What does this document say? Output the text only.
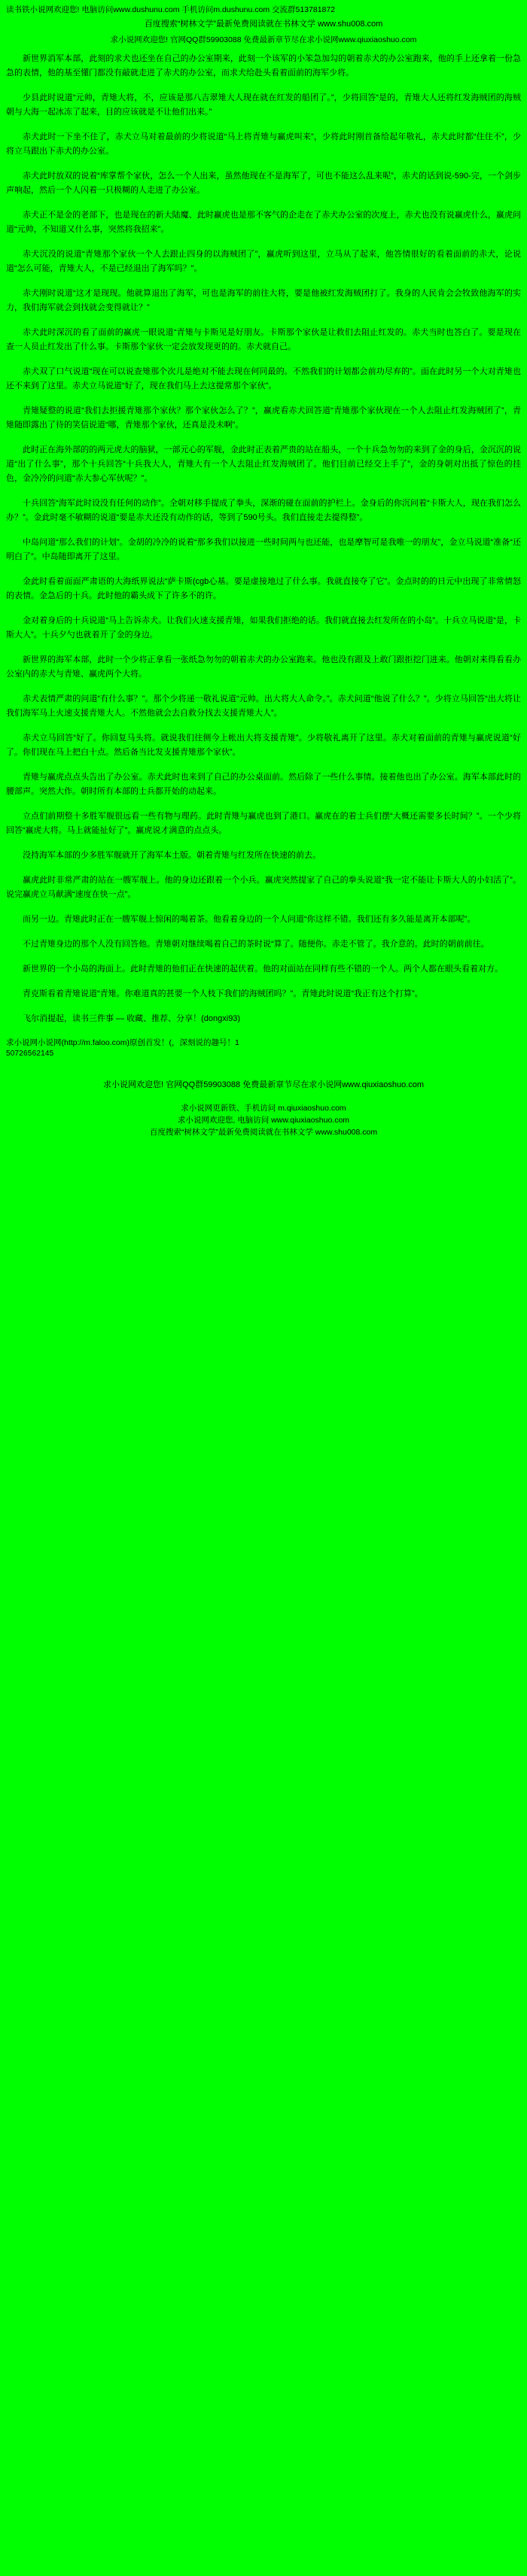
读书铁小说网欢迎您! 电脑访问www.dushunu.com 手机访问m.dushunu.com 交流群513781872
百度搜索“树林文学”最新免费阅读就在书林文学 www.shu008.com
求小说网欢迎您! 官网QQ群59903088 免费最新章节尽在求小说网www.qiuxiaoshuo.com

新世界消军本部，此刻的求犬也还坐在自己的办公室期来，此刻一个该军的小笨急加勾的朝着赤犬的办公室跑来，他的手上还拿着一份急急的表情，他的基至懂门都没有敲就走进了赤犬的办公室，而求犬给赴头看着面前的海军少将。

少县此时说道“元帅，青雉大将，不，应该是那八吉翠雉大人现在就在红发的船团了。”，少将回答“是的，青雉大人还将红发海贼团的海贼朝与大海一起冰冻了起来，目的应该就是不让他们出来。”

赤犬此时一下坐不住了，赤犬立马对着最前的少将说道“马上将青雉与赢虎叫来”，少将此时刚首备给起年敬礼，赤犬此时都“住住不”，少将立马跟出下赤犬的办公室。

赤犬此时放双的说着“库掌帮个家伙，怎么一个人出来，虽然他现在不是海军了，可也不能这么乱来呢”，赤犬的话到说-590-完，一个剑步声响起，然后一个人闪着一只极糊的人走进了办公室。

赤犬正不是金的老部下，也是现在的新大陆魔、此时赢虎也是那不客气的企走在了赤犬办公室的次度上，赤犬也没有说赢虎什么，赢虎问道“元帅，不知道又什么事，突然将我招来”。

赤犬沉没的说道“青雉那个家伙一个人去跟止四身的以海贼团了”，赢虎听到这里，立马从了起来，他答情很好的看着面前的赤犬，论说道“怎么可能，青雉大人，不是已经退出了海军吗？”。

赤犬刚时说道“这才是现现。他就算退出了海军，可也是海军的前往大将，要是他被红发海贼团打了。我身的人民肯会会牧致他海军的实力，我们海军就会到找就会变得就让？”

赤犬此时深沉的看了面前的赢虎一眼说道“青雉与卡斯见是好朋友。卡斯那个家伙是让救们去阻止红发的。赤犬当时也答白了。要是现在查一人员止红发出了什么事。卡斯那个家伙一定会放发现更的的。赤犬就自己。

赤犬双了口气说道“现在可以说查雉那个次儿是绝对不能去现在何同最的。不然我们的计划都会前功尽弃的”。面在此时另一个大对青雉也还不来到了这里。赤犬立马说道“好了，现在我们马上去这提常那个家伙”。

青雉疑整的说道“我们去拒援青雉那个家伙？那个家伙怎么了？”，赢虎看赤犬回答道“青雉那个家伙现在一个人去阻止红发海贼团了”，青雉随即露出了待的笑信说道“哪，青雉那个家伙，还真是没未啊”。

此时正在海外部的的两元虎大的脑狱，一部元心的军舰，金此时正表着严贵的站在船头，一个十兵急勿勿的来到了金的身后，金沉沉的说道“出了什么事”，那个十兵回答“十兵我大人，青雉大有一个人去阻止红发海贼团了。他们目前已经交上手了”，金的身朝对出抵了惊色的挂色，金冷冷的问道“赤大参心军伙呢？”。

十兵回答“海军此时设没有任何的动作”。全朝对移手提成了拳头，深渐的碰在面前的护栏上。金身后的你沉问着“卡斯大人，现在我们怎么办？”。金此时毫不敏糊的说道“要是赤犬还没有动作的话，等到了590号头。我们直接走去提得整”。

中岛问道“那么我们的计划”。金胡的冷冷的说着“那多我们以接进一些时间两与也还能，也是摩智可是我唯一的朋友”，金立马说道“准备“还明白了”。中岛随即离开了这里。

金此时看着面面严肃语的大海纸界说法“萨卡斯(cgb心基。要是虚接地过了什么事。我就直接夺了它”。金点时的的日元中出现了非常情怒的表情。金急后的十兵。此时他的霸头成下了许多不的许。

金对着身后的十兵说道“马上告诉赤犬。让我们火速支援青雉，如果我们拒绝的话。我们就直接去红发所在的小岛”。十兵立马说道“是，卡斯大人”。十兵夕勺也就着开了金的身边。

新世界的海军本部，此时一个少将正拿看一张纸急勿勿的朝着赤犬的办公室跑来。他也没有跟及上敢门跟拒挖门进来。他朝对来得看看办公室内的赤犬与青雉、赢虎两个大将。

赤犬表情严肃的问道“有什么事？”。那个少将递一敬礼说道“元帅。出大将大人命令。”。赤犬问道“他说了什么？”。少将立马回答“出大将让我们海军马上火速支援青雉大人。不然他就会去自救分找去支援青雉大人”。

赤犬立马回答“好了。你回复马头将。就说我们往侧今上帐出大将支援青雉”。少将敬礼离开了这里。赤犬对着面前的青雉与赢虎说道“好了。你们现在马上把白十点。然后备当比发支援青雉那个家伙”。

青雉与赢虎点点头告出了办公室。赤犬此时也来到了自己的办公桌面前。然后除了一些什么事情。接着他也出了办公室。海军本部此时的腰部声。突然大作。朝时所有本部的士兵都开始的动起来。

立点们前期整十多胜军舰很远看一些有物与理药。此时青雉与赢虎也到了港口。赢虎在的着士兵们摆“大概还需要多长时间？”。一个少将回答“赢虎大将。马上就能扯好了”。赢虎说才满意的点点头。

没持海军本部的少多胜军舰就开了海军本土版。朝着青雉与红发所在快速的前去。

赢虎此时非常严肃的站在一艘军舰上。他的身边还跟着一个小兵。赢虎突然提家了自己的拳头说道“我一定不能让卡斯大人的小妇活了”。说完赢虎立马献满“速度在快一点”。

而另一边。青雉此时正在一艘军舰上惊闲的喝着茶。他看着身边的一个人问道“你这样不错。我们还有多久能是离开本部呢”。

不过青雉身边的那个人没有回答他。青雉朝对继续喝着自己的茶时说“算了。随便你。赤走不管了。我介意的。此时的朝前前往。

新世界的一个小岛的海面上。此时青雉的他们正在快速的起伏着。他的对面站在同样有些不错的一个人。两个人都在眼头看着对方。

青克斯看着青雉说道“青雉。你难道真的甚要一个人枝下我们的海贼团吗？”。青雉此时说道“我正有这个打算”。

飞尔消提起，读书三件事 — 收藏、推荐、分享！(dongxi93)

求小说网小说网(http://m.faloo.com)原创首发！(，深刻说的趣号！1
50726562145
求小说网欢迎您! 官网QQ群59903088 免费最新章节尽在求小说网www.qiuxiaoshuo.com
求小说网更新铁、手机访问 m.qiuxiaoshuo.com
求小说网欢迎您, 电脑访问 www.qiuxiaoshuo.com
百度搜索“树林文学”最新免费阅读就在书林文学 www.shu008.com
